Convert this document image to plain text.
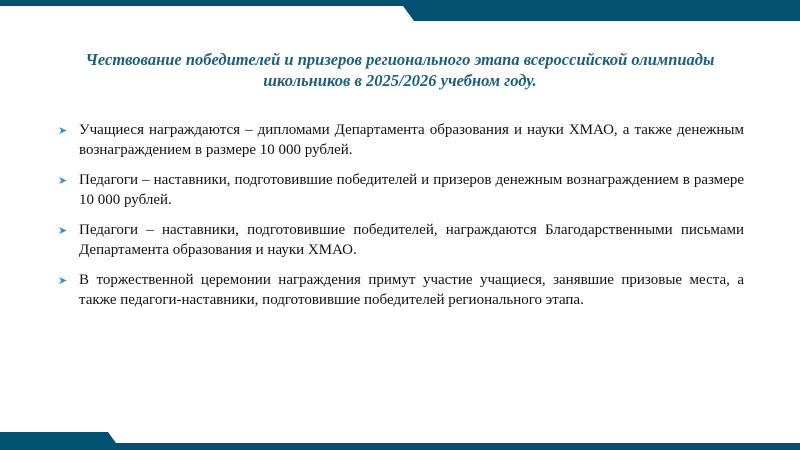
Чествование победителей и призеров регионального этапа всероссийской олимпиады школьников в 2025/2026 учебном году.
➤ Учащиеся награждаются – дипломами Департамента образования и науки ХМАО, а также денежным вознаграждением в размере 10 000 рублей.
➤ Педагоги – наставники, подготовившие победителей и призеров денежным вознаграждением в размере 10 000 рублей.
➤ Педагоги – наставники, подготовившие победителей, награждаются Благодарственными письмами Департамента образования и науки ХМАО.
➤ В торжественной церемонии награждения примут участие учащиеся, занявшие призовые места, а также педагоги-наставники, подготовившие победителей регионального этапа.
